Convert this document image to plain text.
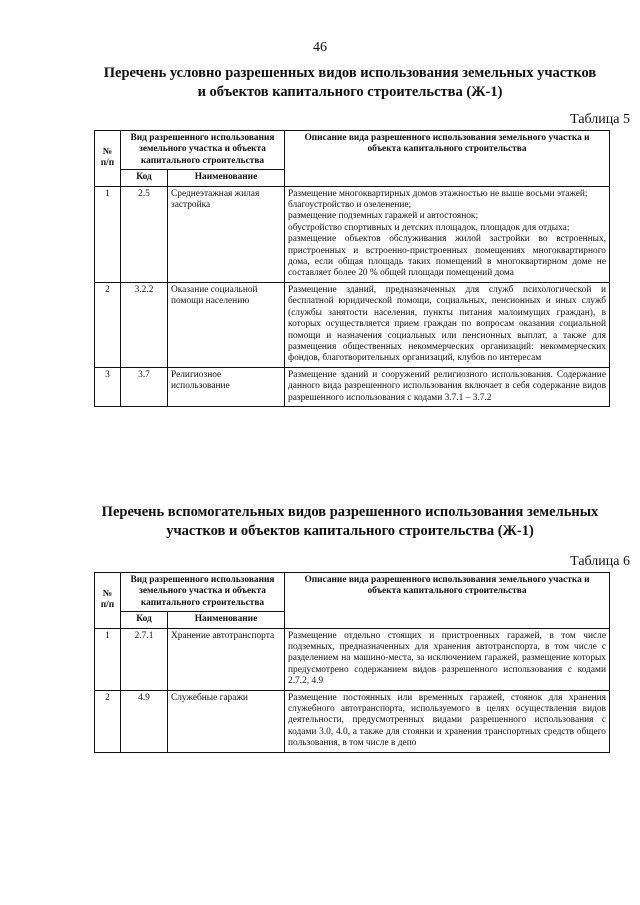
46
Перечень условно разрешенных видов использования земельных участков
и объектов капитального строительства (Ж-1)
Таблица 5
№ п/п	Вид разрешенного использования земельного участка и объекта капитального строительства		Описание вида разрешенного использования земельного участка и объекта капитального строительства
	Код	Наименование	
1	2.5	Среднеэтажная жилая застройка	Размещение многоквартирных домов этажностью не выше восьми этажей;
благоустройство и озеленение;
размещение подземных гаражей и автостоянок;
обустройство спортивных и детских площадок, площадок для отдыха;
размещение объектов обслуживания жилой застройки во встроенных, пристроенных и встроенно-пристроенных помещениях многоквартирного дома, если общая площадь таких помещений в многоквартирном доме не составляет более 20 % общей площади помещений дома

2	3.2.2	Оказание социальной помощи населению	Размещение зданий, предназначенных для служб психологической и бесплатной юридической помощи, социальных, пенсионных и иных служб (службы занятости населения, пункты питания малоимущих граждан), в которых осуществляется прием граждан по вопросам оказания социальной помощи и назначения социальных или пенсионных выплат, а также для размещения общественных некоммерческих организаций: некоммерческих фондов, благотворительных организаций, клубов по интересам
3	3.7	Религиозное использование	Размещение зданий и сооружений религиозного использования. Содержание данного вида разрешенного использования включает в себя содержание видов разрешенного использования с кодами 3.7.1 – 3.7.2
Перечень вспомогательных видов разрешенного использования земельных
участков и объектов капитального строительства (Ж-1)
Таблица 6
№ п/п	Вид разрешенного использования земельного участка и объекта капитального строительства		Описание вида разрешенного использования земельного участка и объекта капитального строительства
	Код	Наименование	
1	2.7.1	Хранение автотранспорта	Размещение отдельно стоящих и пристроенных гаражей, в том числе подземных, предназначенных для хранения автотранспорта, в том числе с разделением на машино-места, за исключением гаражей, размещение которых предусмотрено содержанием видов разрешенного использования с кодами 2.7.2, 4.9
2	4.9	Служебные гаражи	Размещение постоянных или временных гаражей, стоянок для хранения служебного автотранспорта, используемого в целях осуществления видов деятельности, предусмотренных видами разрешенного использования с кодами 3.0, 4.0, а также для стоянки и хранения транспортных средств общего пользования, в том числе в депо
